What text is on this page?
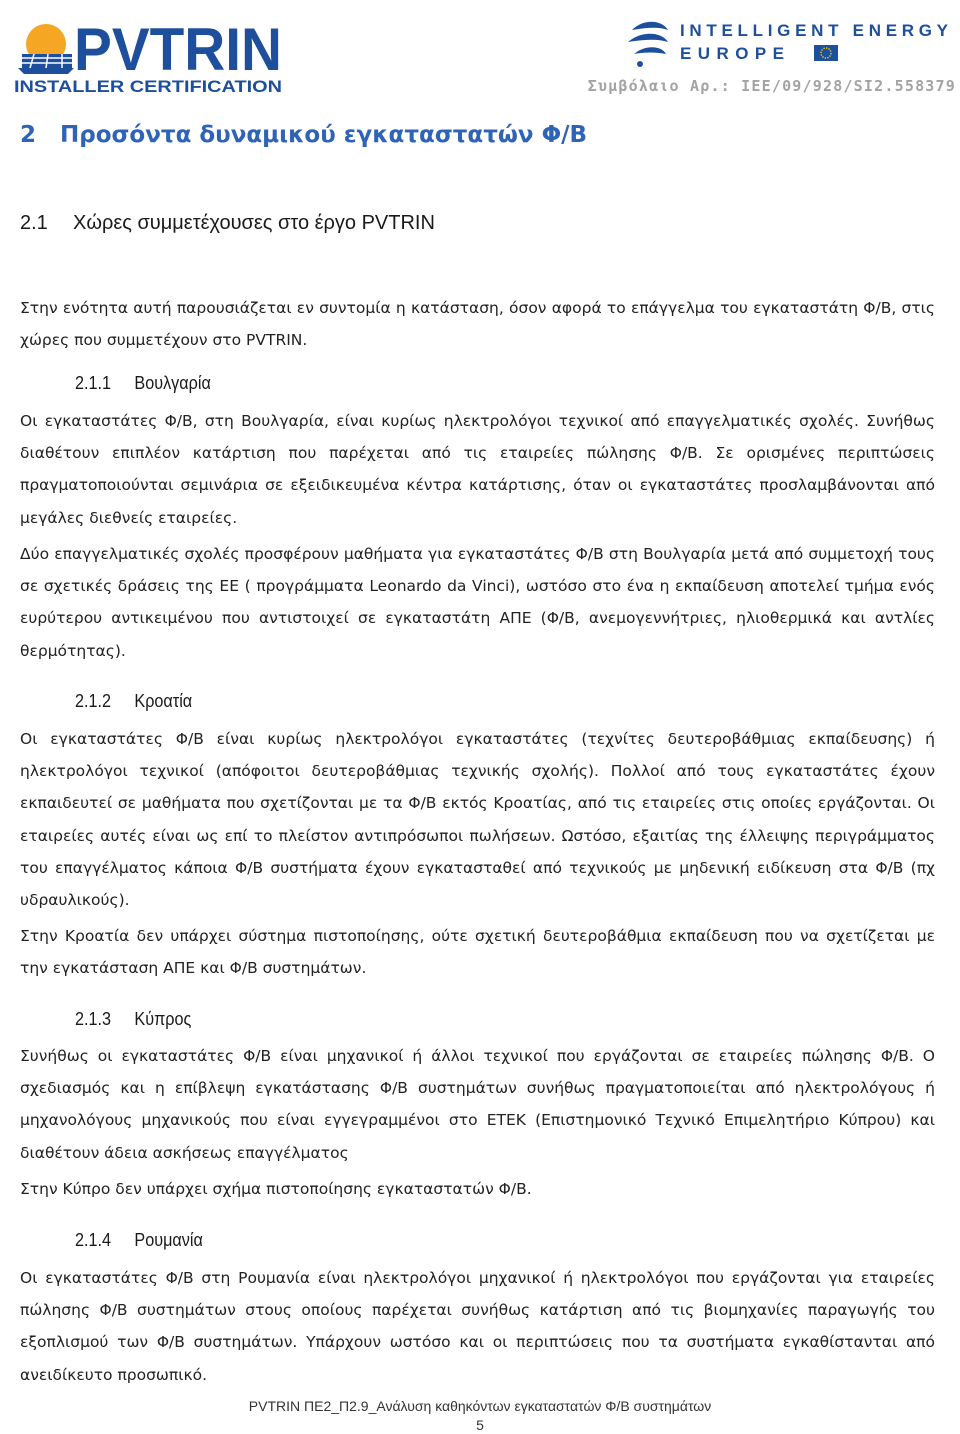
PVTRIN
INSTALLER CERTIFICATION
INTELLIGENT ENERGY
EUROPE
Συμβόλαιο Αρ.: IEE/09/928/SI2.558379
2 Προσόντα δυναμικού εγκαταστατών Φ/Β
2.1 Χώρες συμμετέχουσες στο έργο PVTRIN

Στην ενότητα αυτή παρουσιάζεται εν συντομία η κατάσταση, όσον αφορά το επάγγελμα του εγκαταστάτη Φ/Β, στις χώρες που συμμετέχουν στο PVTRIN.

2.1.1 Βουλγαρία

Οι εγκαταστάτες Φ/Β, στη Βουλγαρία, είναι κυρίως ηλεκτρολόγοι τεχνικοί από επαγγελματικές σχολές. Συνήθως διαθέτουν επιπλέον κατάρτιση που παρέχεται από τις εταιρείες πώλησης Φ/Β. Σε ορισμένες περιπτώσεις πραγματοποιούνται σεμινάρια σε εξειδικευμένα κέντρα κατάρτισης, όταν οι εγκαταστάτες προσλαμβάνονται από μεγάλες διεθνείς εταιρείες.

Δύο επαγγελματικές σχολές προσφέρουν μαθήματα για εγκαταστάτες Φ/Β στη Βουλγαρία μετά από συμμετοχή τους σε σχετικές δράσεις της ΕΕ ( προγράμματα Leonardo da Vinci), ωστόσο στο ένα η εκπαίδευση αποτελεί τμήμα ενός ευρύτερου αντικειμένου που αντιστοιχεί σε εγκαταστάτη ΑΠΕ (Φ/Β, ανεμογεννήτριες, ηλιοθερμικά και αντλίες θερμότητας).

2.1.2 Κροατία

Οι εγκαταστάτες Φ/Β είναι κυρίως ηλεκτρολόγοι εγκαταστάτες (τεχνίτες δευτεροβάθμιας εκπαίδευσης) ή ηλεκτρολόγοι τεχνικοί (απόφοιτοι δευτεροβάθμιας τεχνικής σχολής). Πολλοί από τους εγκαταστάτες έχουν εκπαιδευτεί σε μαθήματα που σχετίζονται με τα Φ/Β εκτός Κροατίας, από τις εταιρείες στις οποίες εργάζονται. Οι εταιρείες αυτές είναι ως επί το πλείστον αντιπρόσωποι πωλήσεων. Ωστόσο, εξαιτίας της έλλειψης περιγράμματος του επαγγέλματος κάποια Φ/Β συστήματα έχουν εγκατασταθεί από τεχνικούς με μηδενική ειδίκευση στα Φ/Β (πχ υδραυλικούς).

Στην Κροατία δεν υπάρχει σύστημα πιστοποίησης, ούτε σχετική δευτεροβάθμια εκπαίδευση που να σχετίζεται με την εγκατάσταση ΑΠΕ και Φ/Β συστημάτων.

2.1.3 Κύπρος

Συνήθως οι εγκαταστάτες Φ/Β είναι μηχανικοί ή άλλοι τεχνικοί που εργάζονται σε εταιρείες πώλησης Φ/Β. Ο σχεδιασμός και η επίβλεψη εγκατάστασης Φ/Β συστημάτων συνήθως πραγματοποιείται από ηλεκτρολόγους ή μηχανολόγους μηχανικούς που είναι εγγεγραμμένοι στο ΕΤΕΚ (Επιστημονικό Τεχνικό Επιμελητήριο Κύπρου) και διαθέτουν άδεια ασκήσεως επαγγέλματος

Στην Κύπρο δεν υπάρχει σχήμα πιστοποίησης εγκαταστατών Φ/Β.

2.1.4 Ρουμανία

Οι εγκαταστάτες Φ/Β στη Ρουμανία είναι ηλεκτρολόγοι μηχανικοί ή ηλεκτρολόγοι που εργάζονται για εταιρείες πώλησης Φ/Β συστημάτων στους οποίους παρέχεται συνήθως κατάρτιση από τις βιομηχανίες παραγωγής του εξοπλισμού των Φ/Β συστημάτων. Υπάρχουν ωστόσο και οι περιπτώσεις που τα συστήματα εγκαθίστανται από ανειδίκευτο προσωπικό.

PVTRIN ΠΕ2_Π2.9_Ανάλυση καθηκόντων εγκαταστατών Φ/Β συστημάτων
5
